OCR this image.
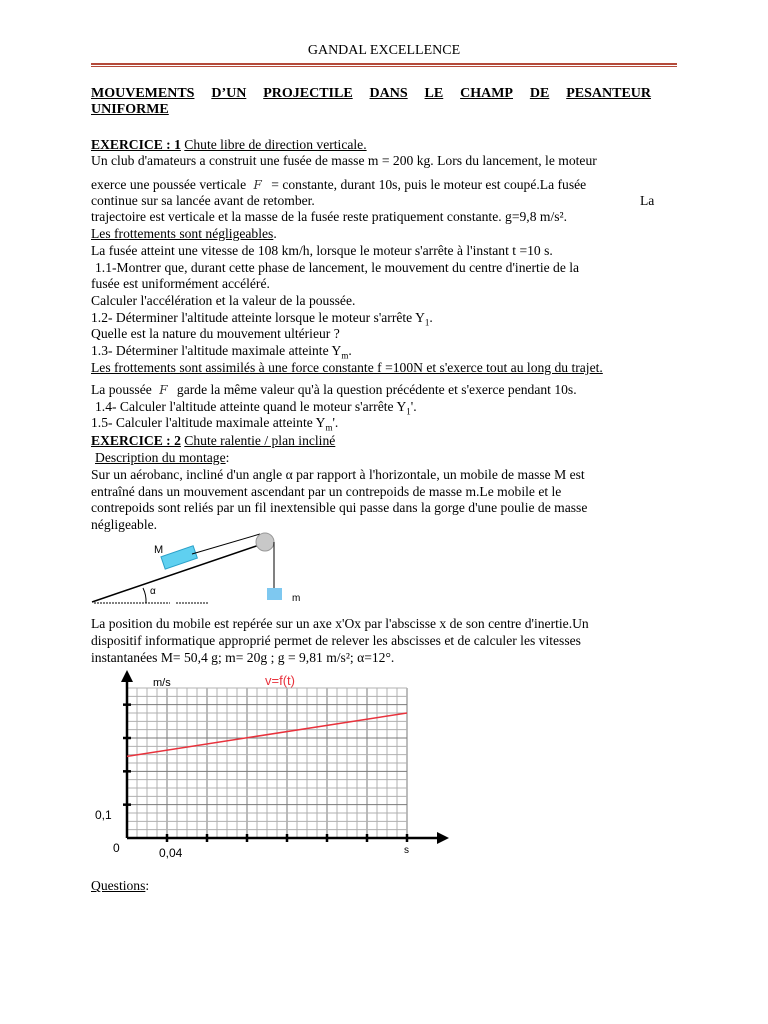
GANDAL EXCELLENCE
MOUVEMENTS D’UN PROJECTILE DANS LE CHAMP DE PESANTEUR
UNIFORME
EXERCICE : 1 Chute libre de direction verticale.
Un club d'amateurs a construit une fusée de masse m = 200 kg. Lors du lancement, le moteur
exerce une poussée verticale F = constante, durant 10s, puis le moteur est coupé.La fusée
continue sur sa lancée avant de retomber.	La
trajectoire est verticale et la masse de la fusée reste pratiquement constante. g=9,8 m/s².
Les frottements sont négligeables.
La fusée atteint une vitesse de 108 km/h, lorsque le moteur s'arrête à l'instant t =10 s.
1.1-Montrer que, durant cette phase de lancement, le mouvement du centre d'inertie de la
fusée est uniformément accéléré.
Calculer l'accélération et la valeur de la poussée.
1.2- Déterminer l'altitude atteinte lorsque le moteur s'arrête $Y_1$.
Quelle est la nature du mouvement ultérieur ?
1.3- Déterminer l'altitude maximale atteinte $Y_m$.
Les frottements sont assimilés à une force constante f =100N et s'exerce tout au long du trajet.
La poussée F garde la même valeur qu'à la question précédente et s'exerce pendant 10s.
1.4- Calculer l'altitude atteinte quand le moteur s'arrête $Y_1'$.
1.5- Calculer l'altitude maximale atteinte $Y_m'$.
EXERCICE : 2 Chute ralentie / plan incliné
Description du montage:
Sur un aérobanc, incliné d'un angle α par rapport à l'horizontale, un mobile de masse M est
entraîné dans un mouvement ascendant par un contrepoids de masse m.Le mobile et le
contrepoids sont reliés par un fil inextensible qui passe dans la gorge d'une poulie de masse
négligeable.
M
m
α
La position du mobile est repérée sur un axe x'Ox par l'abscisse x de son centre d'inertie.Un
dispositif informatique approprié permet de relever les abscisses et de calculer les vitesses
instantanées M= 50,4 g; m= 20g ; g = 9,81 m/s²; α=12°.
m/s	v=f(t)
0,1
0	0,04	s
Questions:
